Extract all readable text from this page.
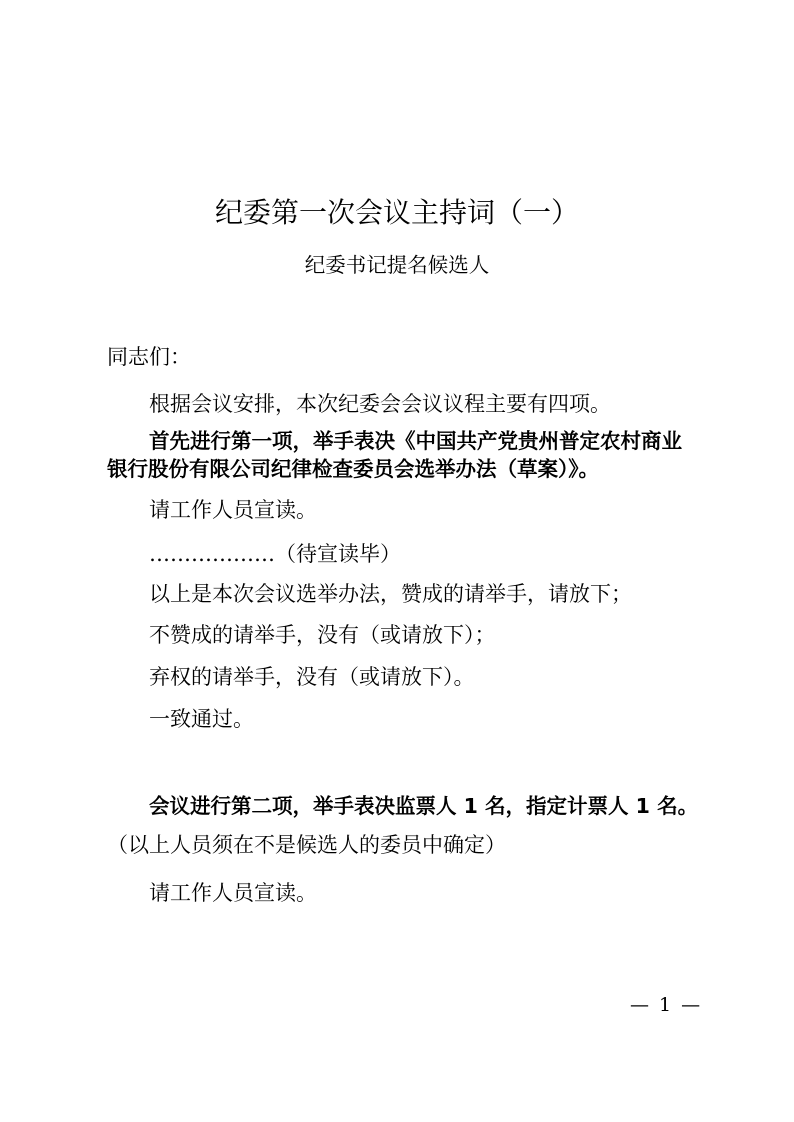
纪委第一次会议主持词（一）
纪委书记提名候选人
同志们：
根据会议安排，本次纪委会会议议程主要有四项。
首先进行第一项，举手表决《中国共产党贵州普定农村商业
银行股份有限公司纪律检查委员会选举办法（草案）》。
请工作人员宣读。
………………（待宣读毕）
以上是本次会议选举办法，赞成的请举手，请放下；
不赞成的请举手，没有（或请放下）；
弃权的请举手，没有（或请放下）。
一致通过。
会议进行第二项，举手表决监票人 1 名，指定计票人 1 名。
（以上人员须在不是候选人的委员中确定）
请工作人员宣读。
— 1 —
